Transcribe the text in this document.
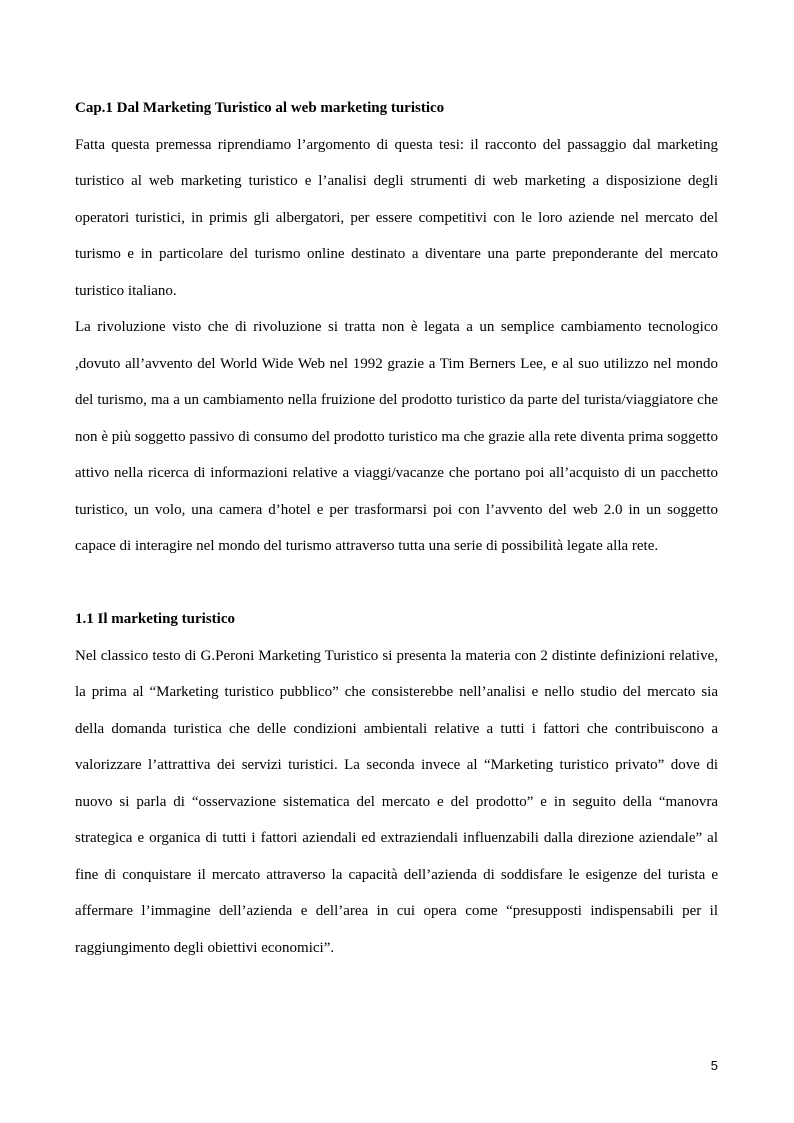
Cap.1 Dal Marketing Turistico al web marketing turistico

Fatta questa premessa riprendiamo l’argomento di questa tesi: il racconto del passaggio dal marketing turistico al web marketing turistico e l’analisi degli strumenti di web marketing a disposizione degli operatori turistici, in primis gli albergatori, per essere competitivi con le loro aziende nel mercato del turismo e in particolare del turismo online destinato a diventare una parte preponderante del mercato turistico italiano.

La rivoluzione visto che di rivoluzione si tratta non è legata a un semplice cambiamento tecnologico ,dovuto all’avvento del World Wide Web nel 1992 grazie a Tim Berners Lee, e al suo utilizzo nel mondo del turismo, ma a un cambiamento nella fruizione del prodotto turistico da parte del turista/viaggiatore che non è più soggetto passivo di consumo del prodotto turistico ma che grazie alla rete diventa prima soggetto attivo nella ricerca di informazioni relative a viaggi/vacanze che portano poi all’acquisto di un pacchetto turistico, un volo, una camera d’hotel e per trasformarsi poi con l’avvento del web 2.0 in un soggetto capace di interagire nel mondo del turismo attraverso tutta una serie di possibilità legate alla rete.

1.1 Il marketing turistico

Nel classico testo di G.Peroni Marketing Turistico si presenta la materia con 2 distinte definizioni relative, la prima al “Marketing turistico pubblico” che consisterebbe nell’analisi e nello studio del mercato sia della domanda turistica che delle condizioni ambientali relative a tutti i fattori che contribuiscono a valorizzare l’attrattiva dei servizi turistici. La seconda invece al “Marketing turistico privato” dove di nuovo si parla di “osservazione sistematica del mercato e del prodotto” e in seguito della “manovra strategica e organica di tutti i fattori aziendali ed extraziendali influenzabili dalla direzione aziendale” al fine di conquistare il mercato attraverso la capacità dell’azienda di soddisfare le esigenze del turista e affermare l’immagine dell’azienda e dell’area in cui opera come “presupposti indispensabili per il raggiungimento degli obiettivi economici”.

5
